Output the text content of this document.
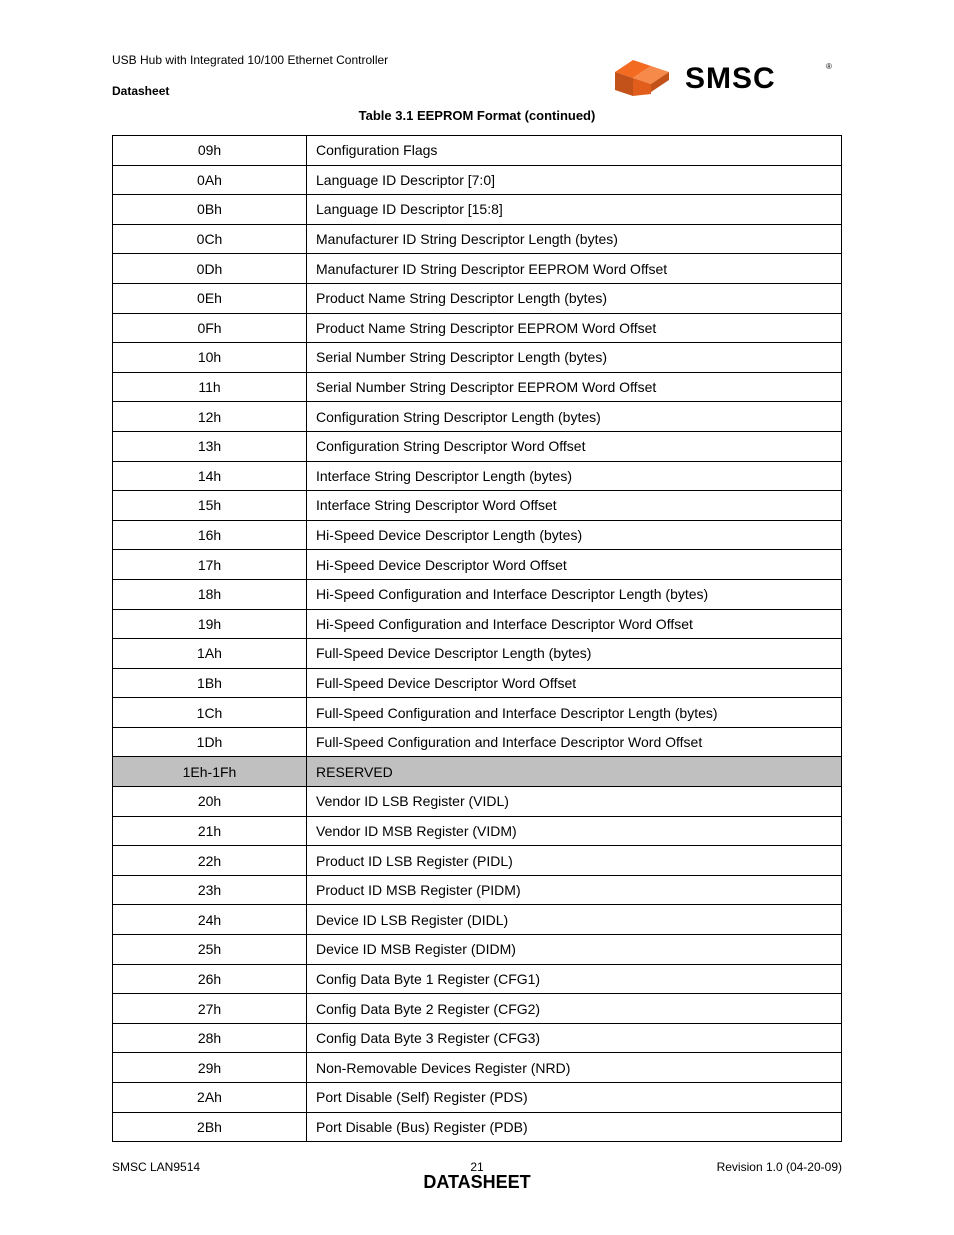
USB Hub with Integrated 10/100 Ethernet Controller
Datasheet	SMSC	®
Table 3.1 EEPROM Format (continued)
09h	Configuration Flags
0Ah	Language ID Descriptor [7:0]
0Bh	Language ID Descriptor [15:8]
0Ch	Manufacturer ID String Descriptor Length (bytes)
0Dh	Manufacturer ID String Descriptor EEPROM Word Offset
0Eh	Product Name String Descriptor Length (bytes)
0Fh	Product Name String Descriptor EEPROM Word Offset
10h	Serial Number String Descriptor Length (bytes)
11h	Serial Number String Descriptor EEPROM Word Offset
12h	Configuration String Descriptor Length (bytes)
13h	Configuration String Descriptor Word Offset
14h	Interface String Descriptor Length (bytes)
15h	Interface String Descriptor Word Offset
16h	Hi-Speed Device Descriptor Length (bytes)
17h	Hi-Speed Device Descriptor Word Offset
18h	Hi-Speed Configuration and Interface Descriptor Length (bytes)
19h	Hi-Speed Configuration and Interface Descriptor Word Offset
1Ah	Full-Speed Device Descriptor Length (bytes)
1Bh	Full-Speed Device Descriptor Word Offset
1Ch	Full-Speed Configuration and Interface Descriptor Length (bytes)
1Dh	Full-Speed Configuration and Interface Descriptor Word Offset
1Eh-1Fh	RESERVED
20h	Vendor ID LSB Register (VIDL)
21h	Vendor ID MSB Register (VIDM)
22h	Product ID LSB Register (PIDL)
23h	Product ID MSB Register (PIDM)
24h	Device ID LSB Register (DIDL)
25h	Device ID MSB Register (DIDM)
26h	Config Data Byte 1 Register (CFG1)
27h	Config Data Byte 2 Register (CFG2)
28h	Config Data Byte 3 Register (CFG3)
29h	Non-Removable Devices Register (NRD)
2Ah	Port Disable (Self) Register (PDS)
2Bh	Port Disable (Bus) Register (PDB)
SMSC LAN9514	21	Revision 1.0 (04-20-09)
DATASHEET
